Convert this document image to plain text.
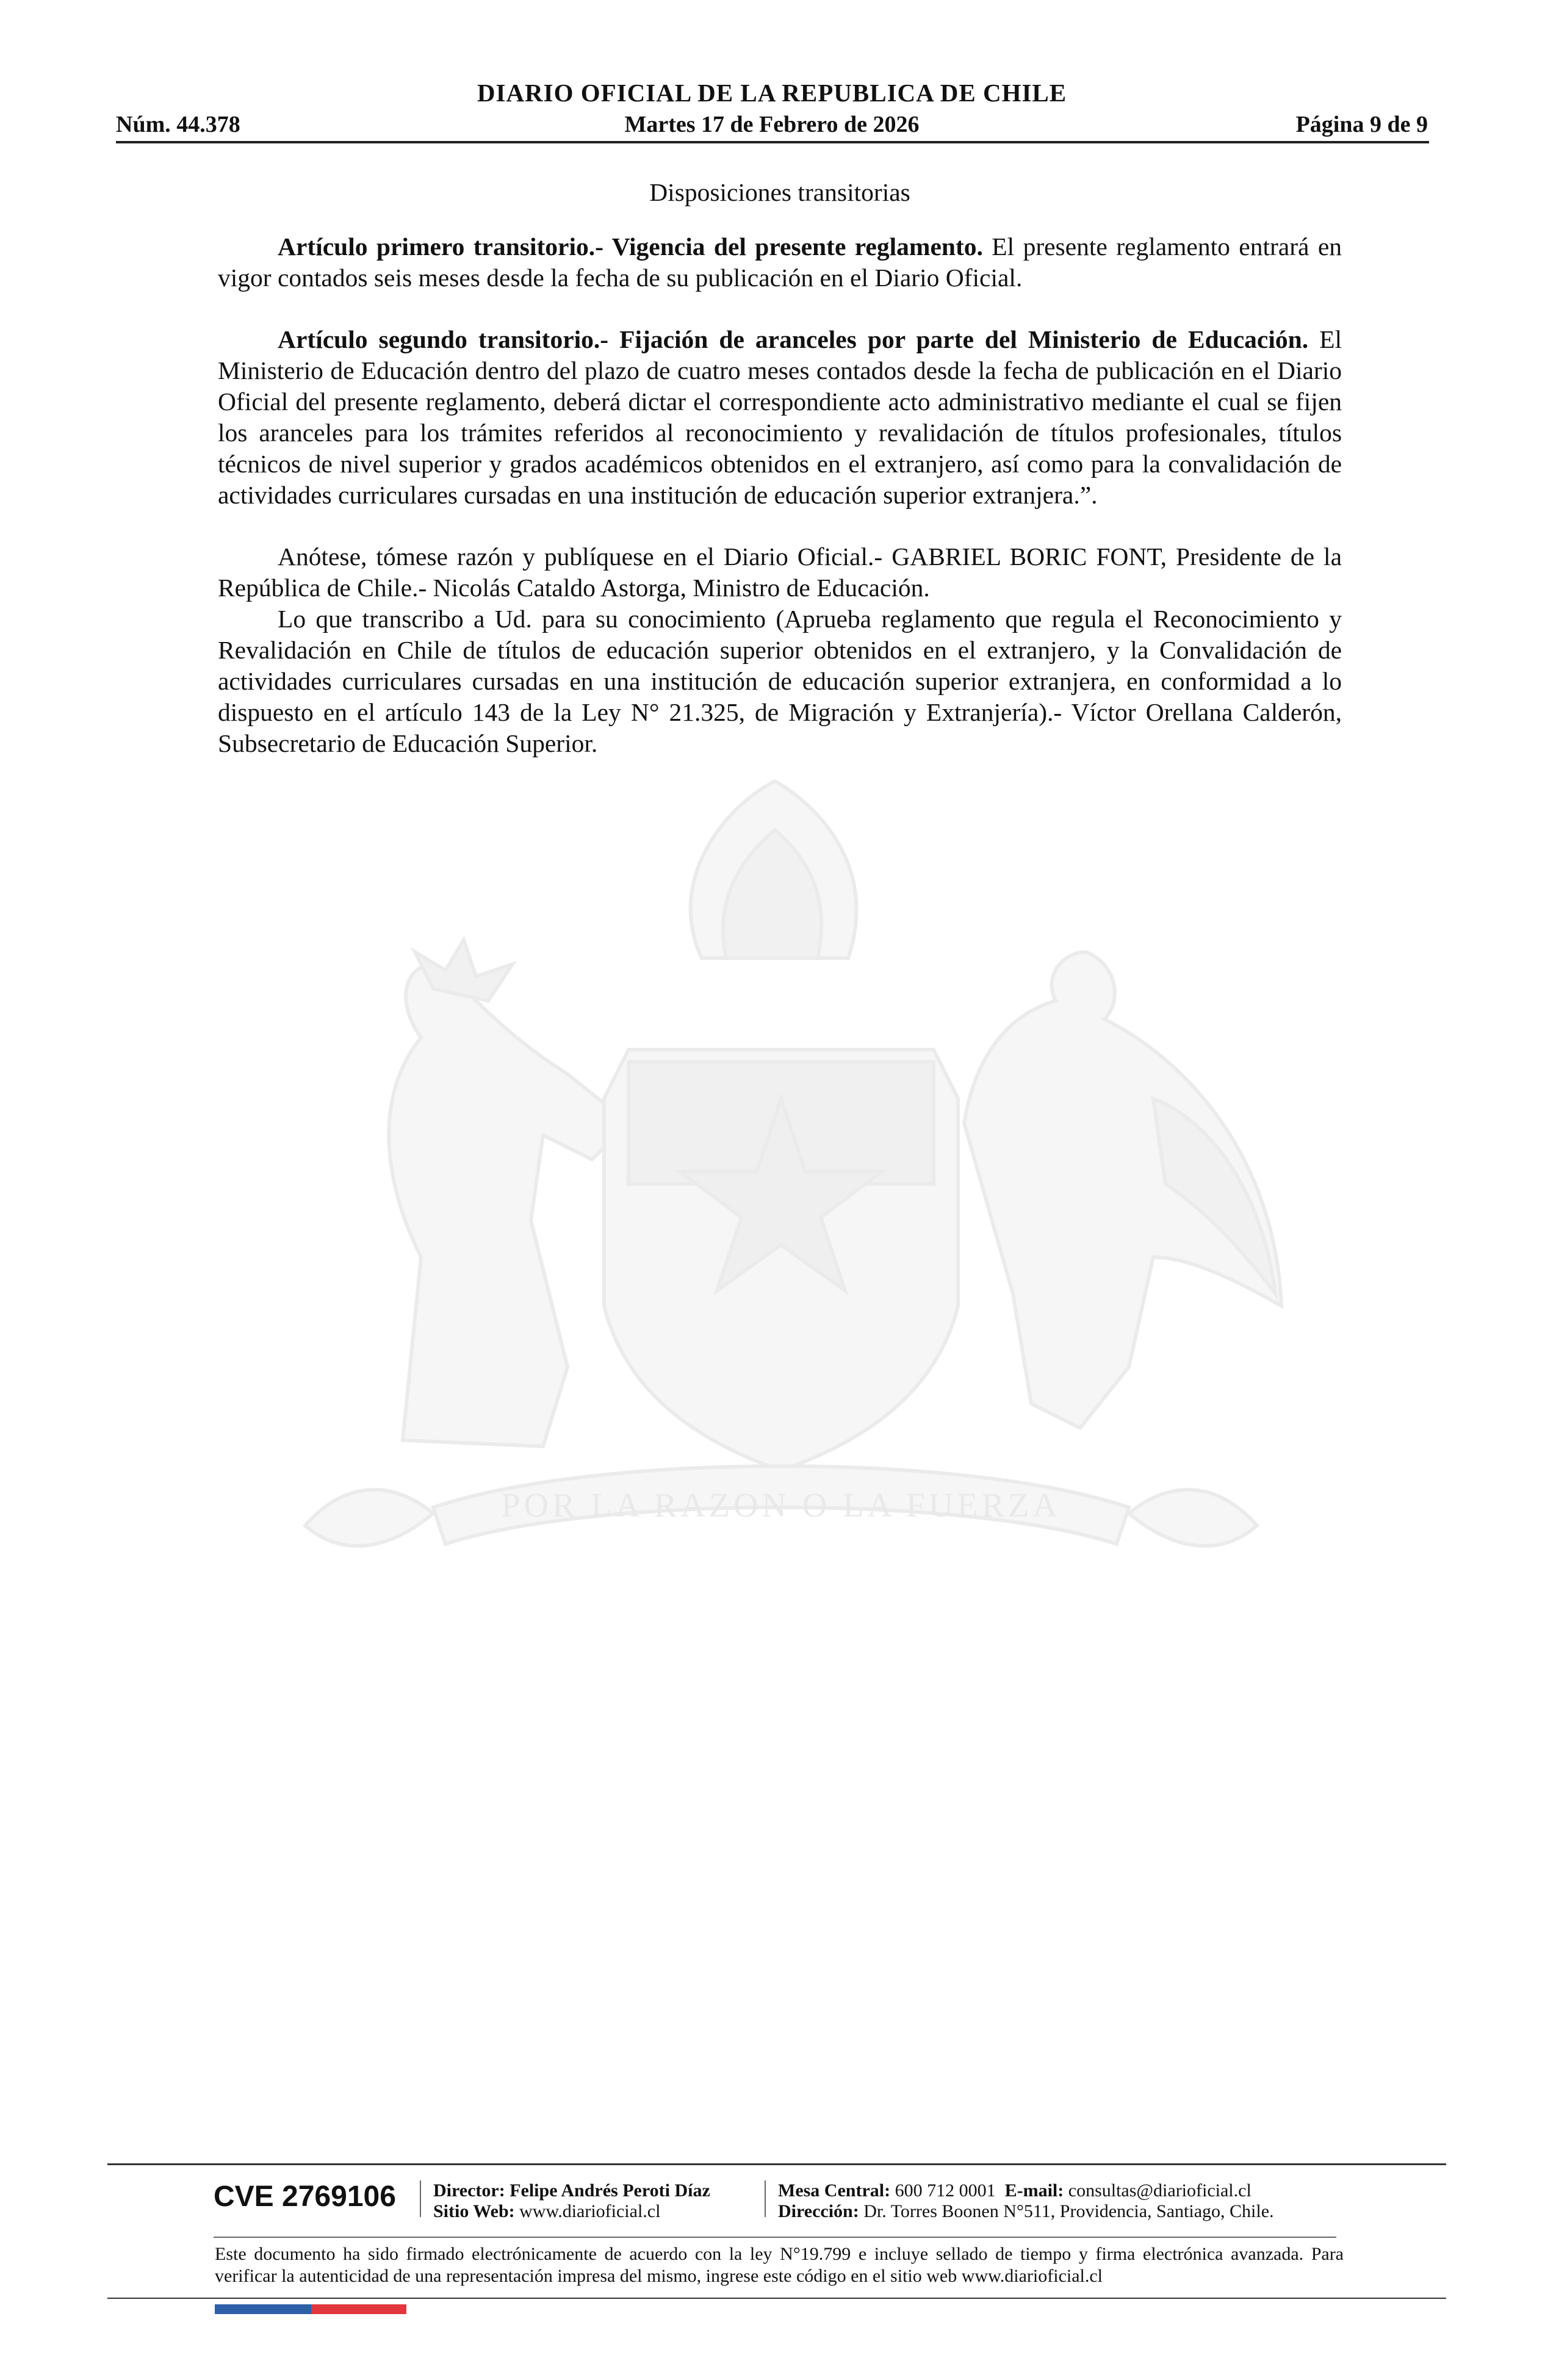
DIARIO OFICIAL DE LA REPUBLICA DE CHILE
Núm. 44.378	Martes 17 de Febrero de 2026	Página 9 de 9
POR LA RAZON O LA FUERZA
Disposiciones transitorias

Artículo primero transitorio.- Vigencia del presente reglamento. El presente reglamento entrará en vigor contados seis meses desde la fecha de su publicación en el Diario Oficial.

Artículo segundo transitorio.- Fijación de aranceles por parte del Ministerio de Educación. El Ministerio de Educación dentro del plazo de cuatro meses contados desde la fecha de publicación en el Diario Oficial del presente reglamento, deberá dictar el correspondiente acto administrativo mediante el cual se fijen los aranceles para los trámites referidos al reconocimiento y revalidación de títulos profesionales, títulos técnicos de nivel superior y grados académicos obtenidos en el extranjero, así como para la convalidación de actividades curriculares cursadas en una institución de educación superior extranjera.”.

Anótese, tómese razón y publíquese en el Diario Oficial.- GABRIEL BORIC FONT, Presidente de la República de Chile.- Nicolás Cataldo Astorga, Ministro de Educación.

Lo que transcribo a Ud. para su conocimiento (Aprueba reglamento que regula el Reconocimiento y Revalidación en Chile de títulos de educación superior obtenidos en el extranjero, y la Convalidación de actividades curriculares cursadas en una institución de educación superior extranjera, en conformidad a lo dispuesto en el artículo 143 de la Ley N° 21.325, de Migración y Extranjería).- Víctor Orellana Calderón, Subsecretario de Educación Superior.

CVE 2769106 Director: Felipe Andrés Peroti Díaz
Sitio Web: www.diarioficial.cl
Mesa Central: 600 712 0001 E-mail: consultas@diarioficial.cl
Dirección: Dr. Torres Boonen N°511, Providencia, Santiago, Chile.
Este documento ha sido firmado electrónicamente de acuerdo con la ley N°19.799 e incluye sellado de tiempo y firma electrónica avanzada. Para verificar la autenticidad de una representación impresa del mismo, ingrese este código en el sitio web www.diarioficial.cl
